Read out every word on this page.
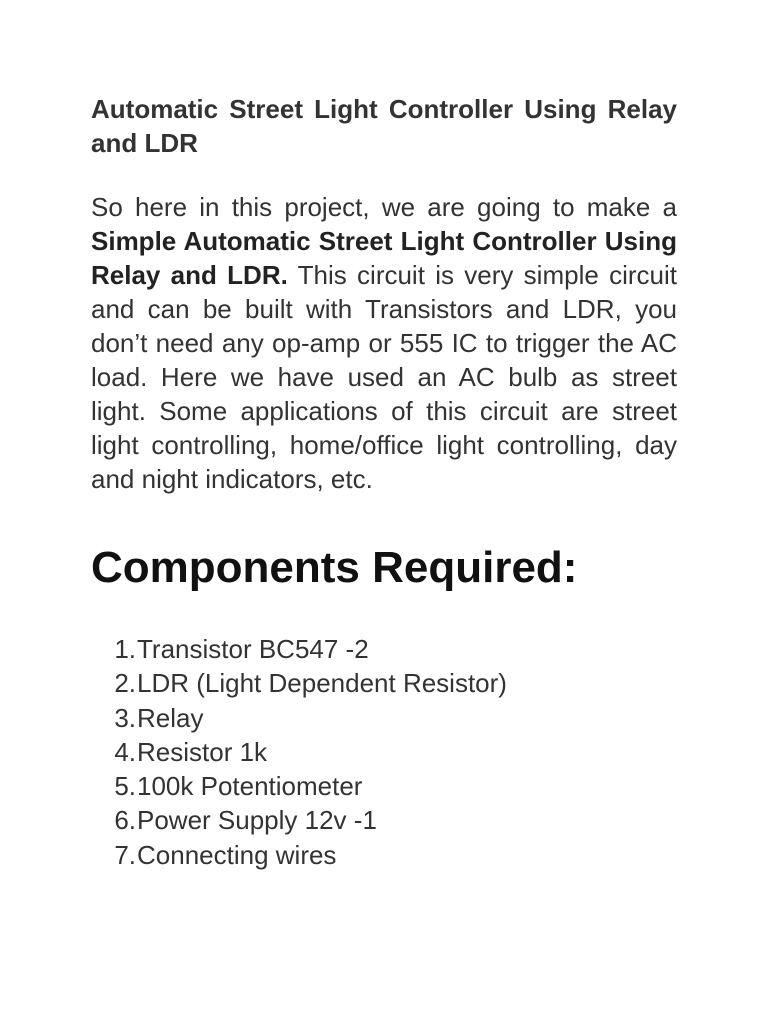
Automatic Street Light Controller Using Relay and LDR

So here in this project, we are going to make a Simple Automatic Street Light Controller Using Relay and LDR. This circuit is very simple circuit and can be built with Transistors and LDR, you don’t need any op-amp or 555 IC to trigger the AC load. Here we have used an AC bulb as street light. Some applications of this circuit are street light controlling, home/office light controlling, day and night indicators, etc.

Components Required:
1. Transistor BC547 -2
2. LDR (Light Dependent Resistor)
3. Relay
4. Resistor 1k
5. 100k Potentiometer
6. Power Supply 12v -1
7. Connecting wires
